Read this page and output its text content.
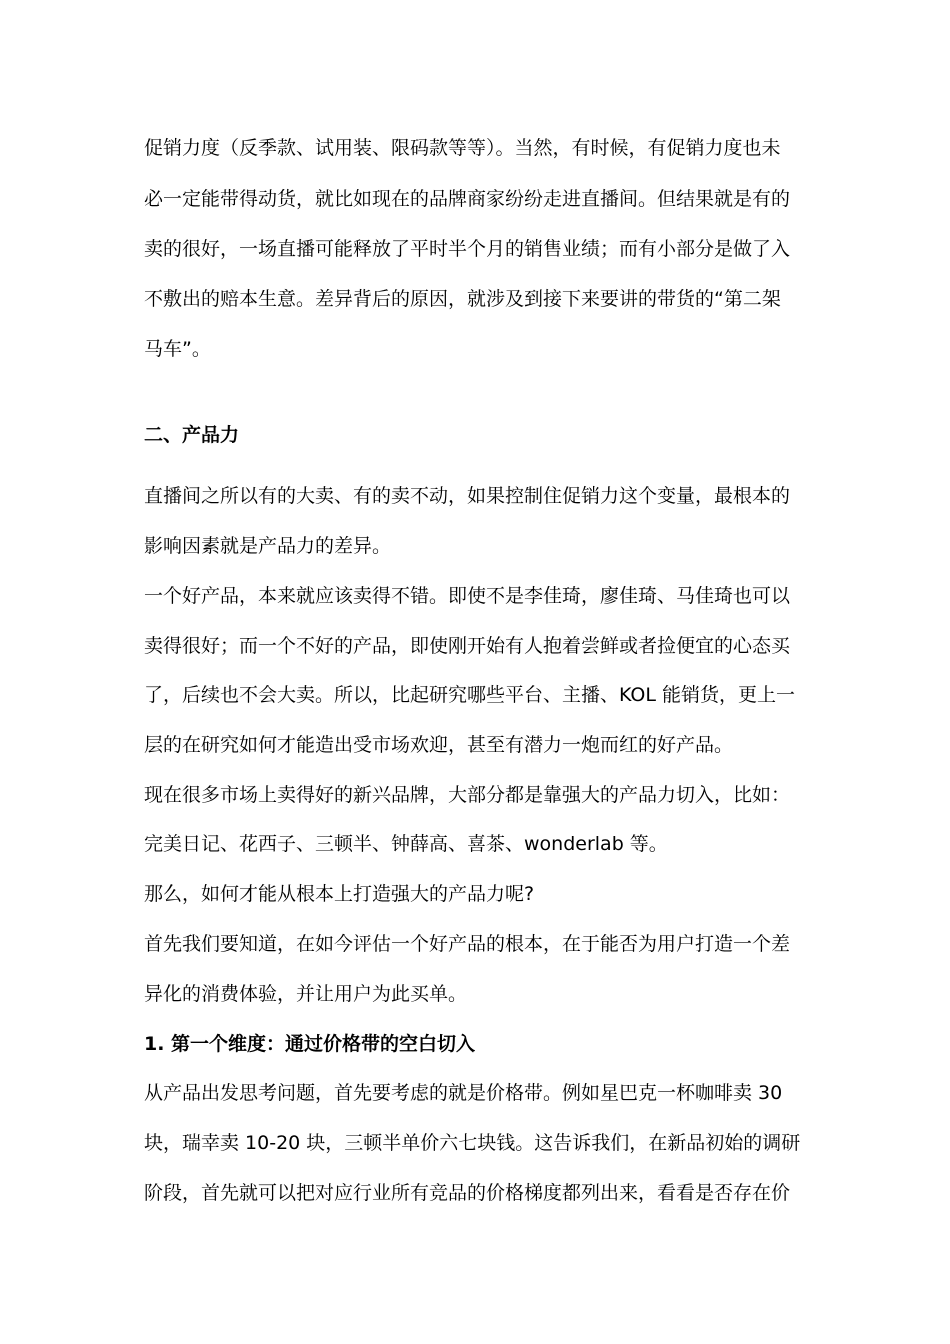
促销力度（反季款、试用装、限码款等等）。当然，有时候，有促销力度也未
必一定能带得动货，就比如现在的品牌商家纷纷走进直播间。但结果就是有的
卖的很好，一场直播可能释放了平时半个月的销售业绩；而有小部分是做了入
不敷出的赔本生意。差异背后的原因，就涉及到接下来要讲的带货的“第二架
马车”。
二、产品力
直播间之所以有的大卖、有的卖不动，如果控制住促销力这个变量，最根本的
影响因素就是产品力的差异。
一个好产品，本来就应该卖得不错。即使不是李佳琦，廖佳琦、马佳琦也可以
卖得很好；而一个不好的产品，即使刚开始有人抱着尝鲜或者捡便宜的心态买
了，后续也不会大卖。所以，比起研究哪些平台、主播、KOL 能销货，更上一
层的在研究如何才能造出受市场欢迎，甚至有潜力一炮而红的好产品。
现在很多市场上卖得好的新兴品牌，大部分都是靠强大的产品力切入，比如：
完美日记、花西子、三顿半、钟薛高、喜茶、wonderlab 等。
那么，如何才能从根本上打造强大的产品力呢?
首先我们要知道，在如今评估一个好产品的根本，在于能否为用户打造一个差
异化的消费体验，并让用户为此买单。
1. 第一个维度：通过价格带的空白切入
从产品出发思考问题，首先要考虑的就是价格带。例如星巴克一杯咖啡卖 30
块，瑞幸卖 10-20 块，三顿半单价六七块钱。这告诉我们，在新品初始的调研
阶段，首先就可以把对应行业所有竞品的价格梯度都列出来，看看是否存在价
